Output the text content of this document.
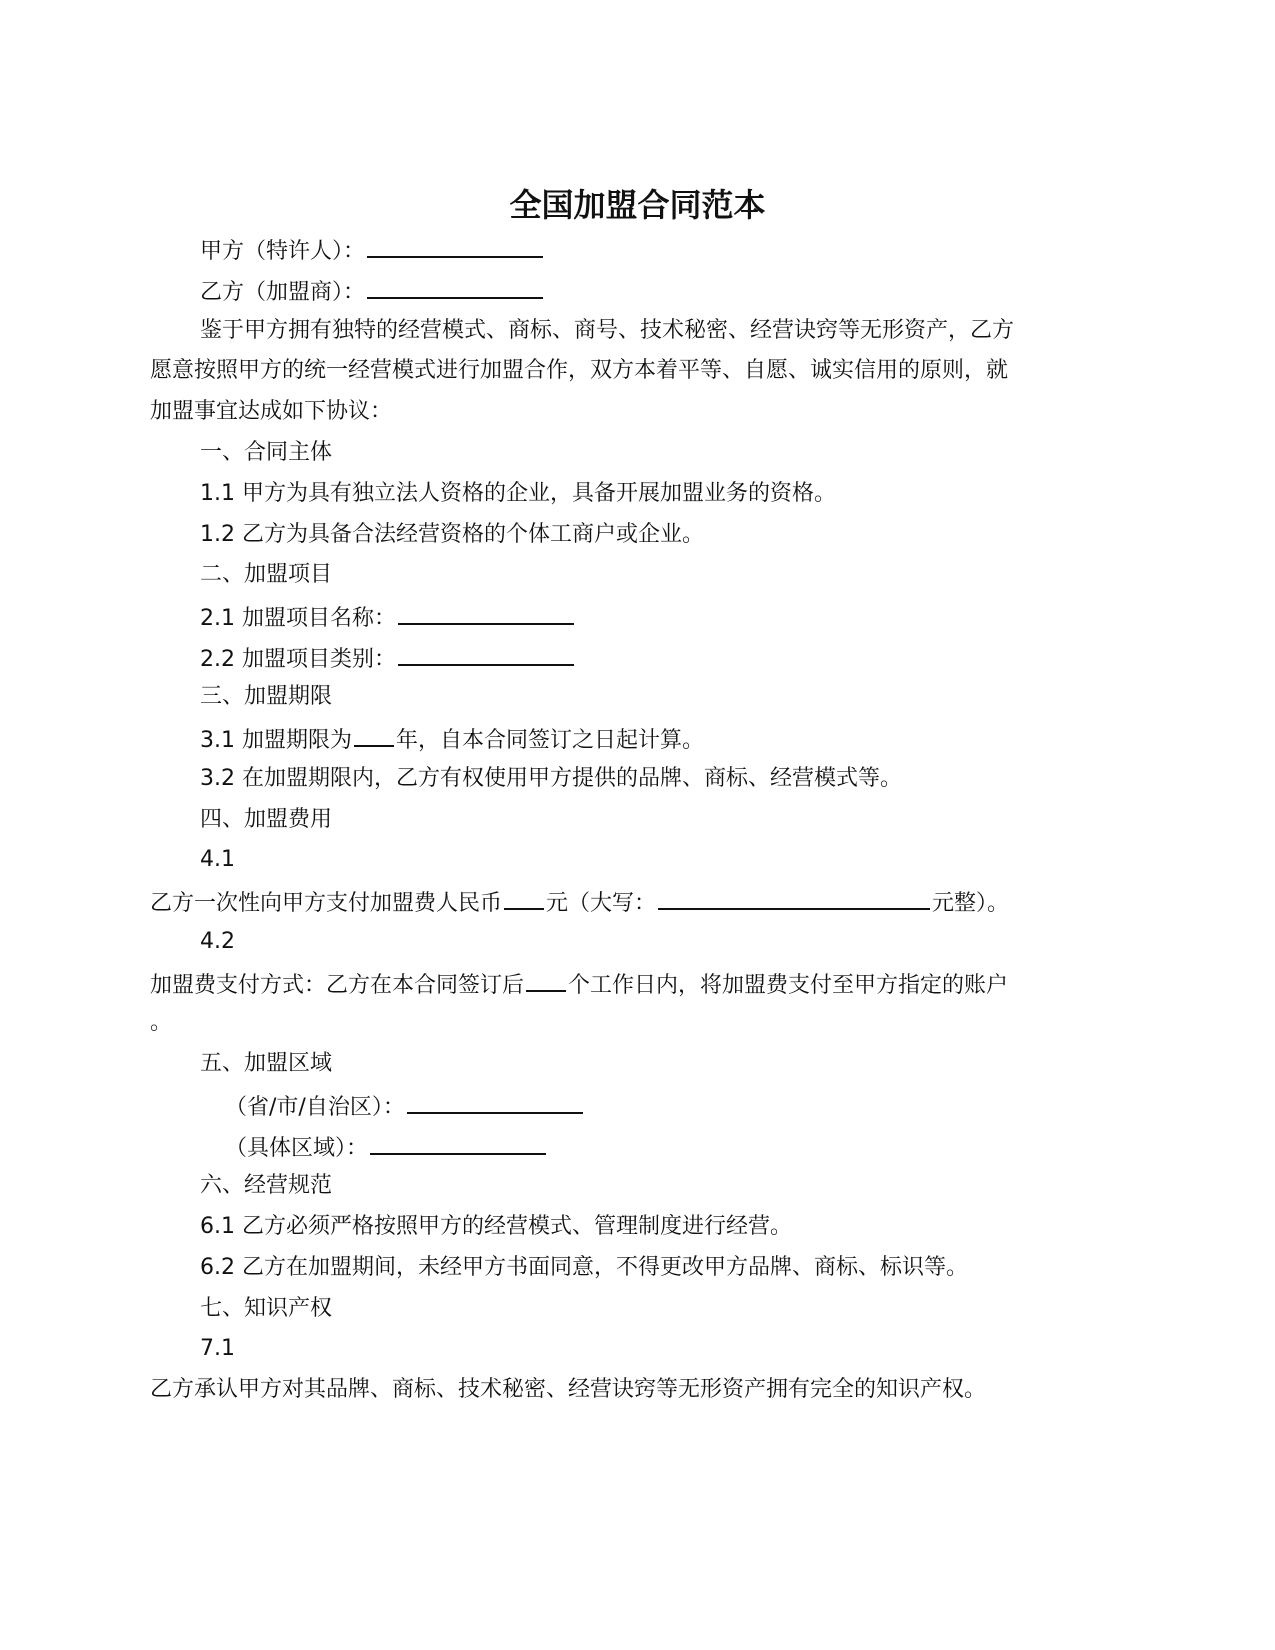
全国加盟合同范本
甲方（特许人）：
乙方（加盟商）：
鉴于甲方拥有独特的经营模式、商标、商号、技术秘密、经营诀窍等无形资产，乙方
愿意按照甲方的统一经营模式进行加盟合作，双方本着平等、自愿、诚实信用的原则，就
加盟事宜达成如下协议：
一、合同主体
1.1 甲方为具有独立法人资格的企业，具备开展加盟业务的资格。
1.2 乙方为具备合法经营资格的个体工商户或企业。
二、加盟项目
2.1 加盟项目名称：
2.2 加盟项目类别：
三、加盟期限
3.1 加盟期限为 年，自本合同签订之日起计算。
3.2 在加盟期限内，乙方有权使用甲方提供的品牌、商标、经营模式等。
四、加盟费用
4.1
乙方一次性向甲方支付加盟费人民币 元（大写：	元整）。
4.2
加盟费支付方式：乙方在本合同签订后 个工作日内，将加盟费支付至甲方指定的账户
。
五、加盟区域
（省/市/自治区）：
（具体区域）：
六、经营规范
6.1 乙方必须严格按照甲方的经营模式、管理制度进行经营。
6.2 乙方在加盟期间，未经甲方书面同意，不得更改甲方品牌、商标、标识等。
七、知识产权
7.1
乙方承认甲方对其品牌、商标、技术秘密、经营诀窍等无形资产拥有完全的知识产权。
